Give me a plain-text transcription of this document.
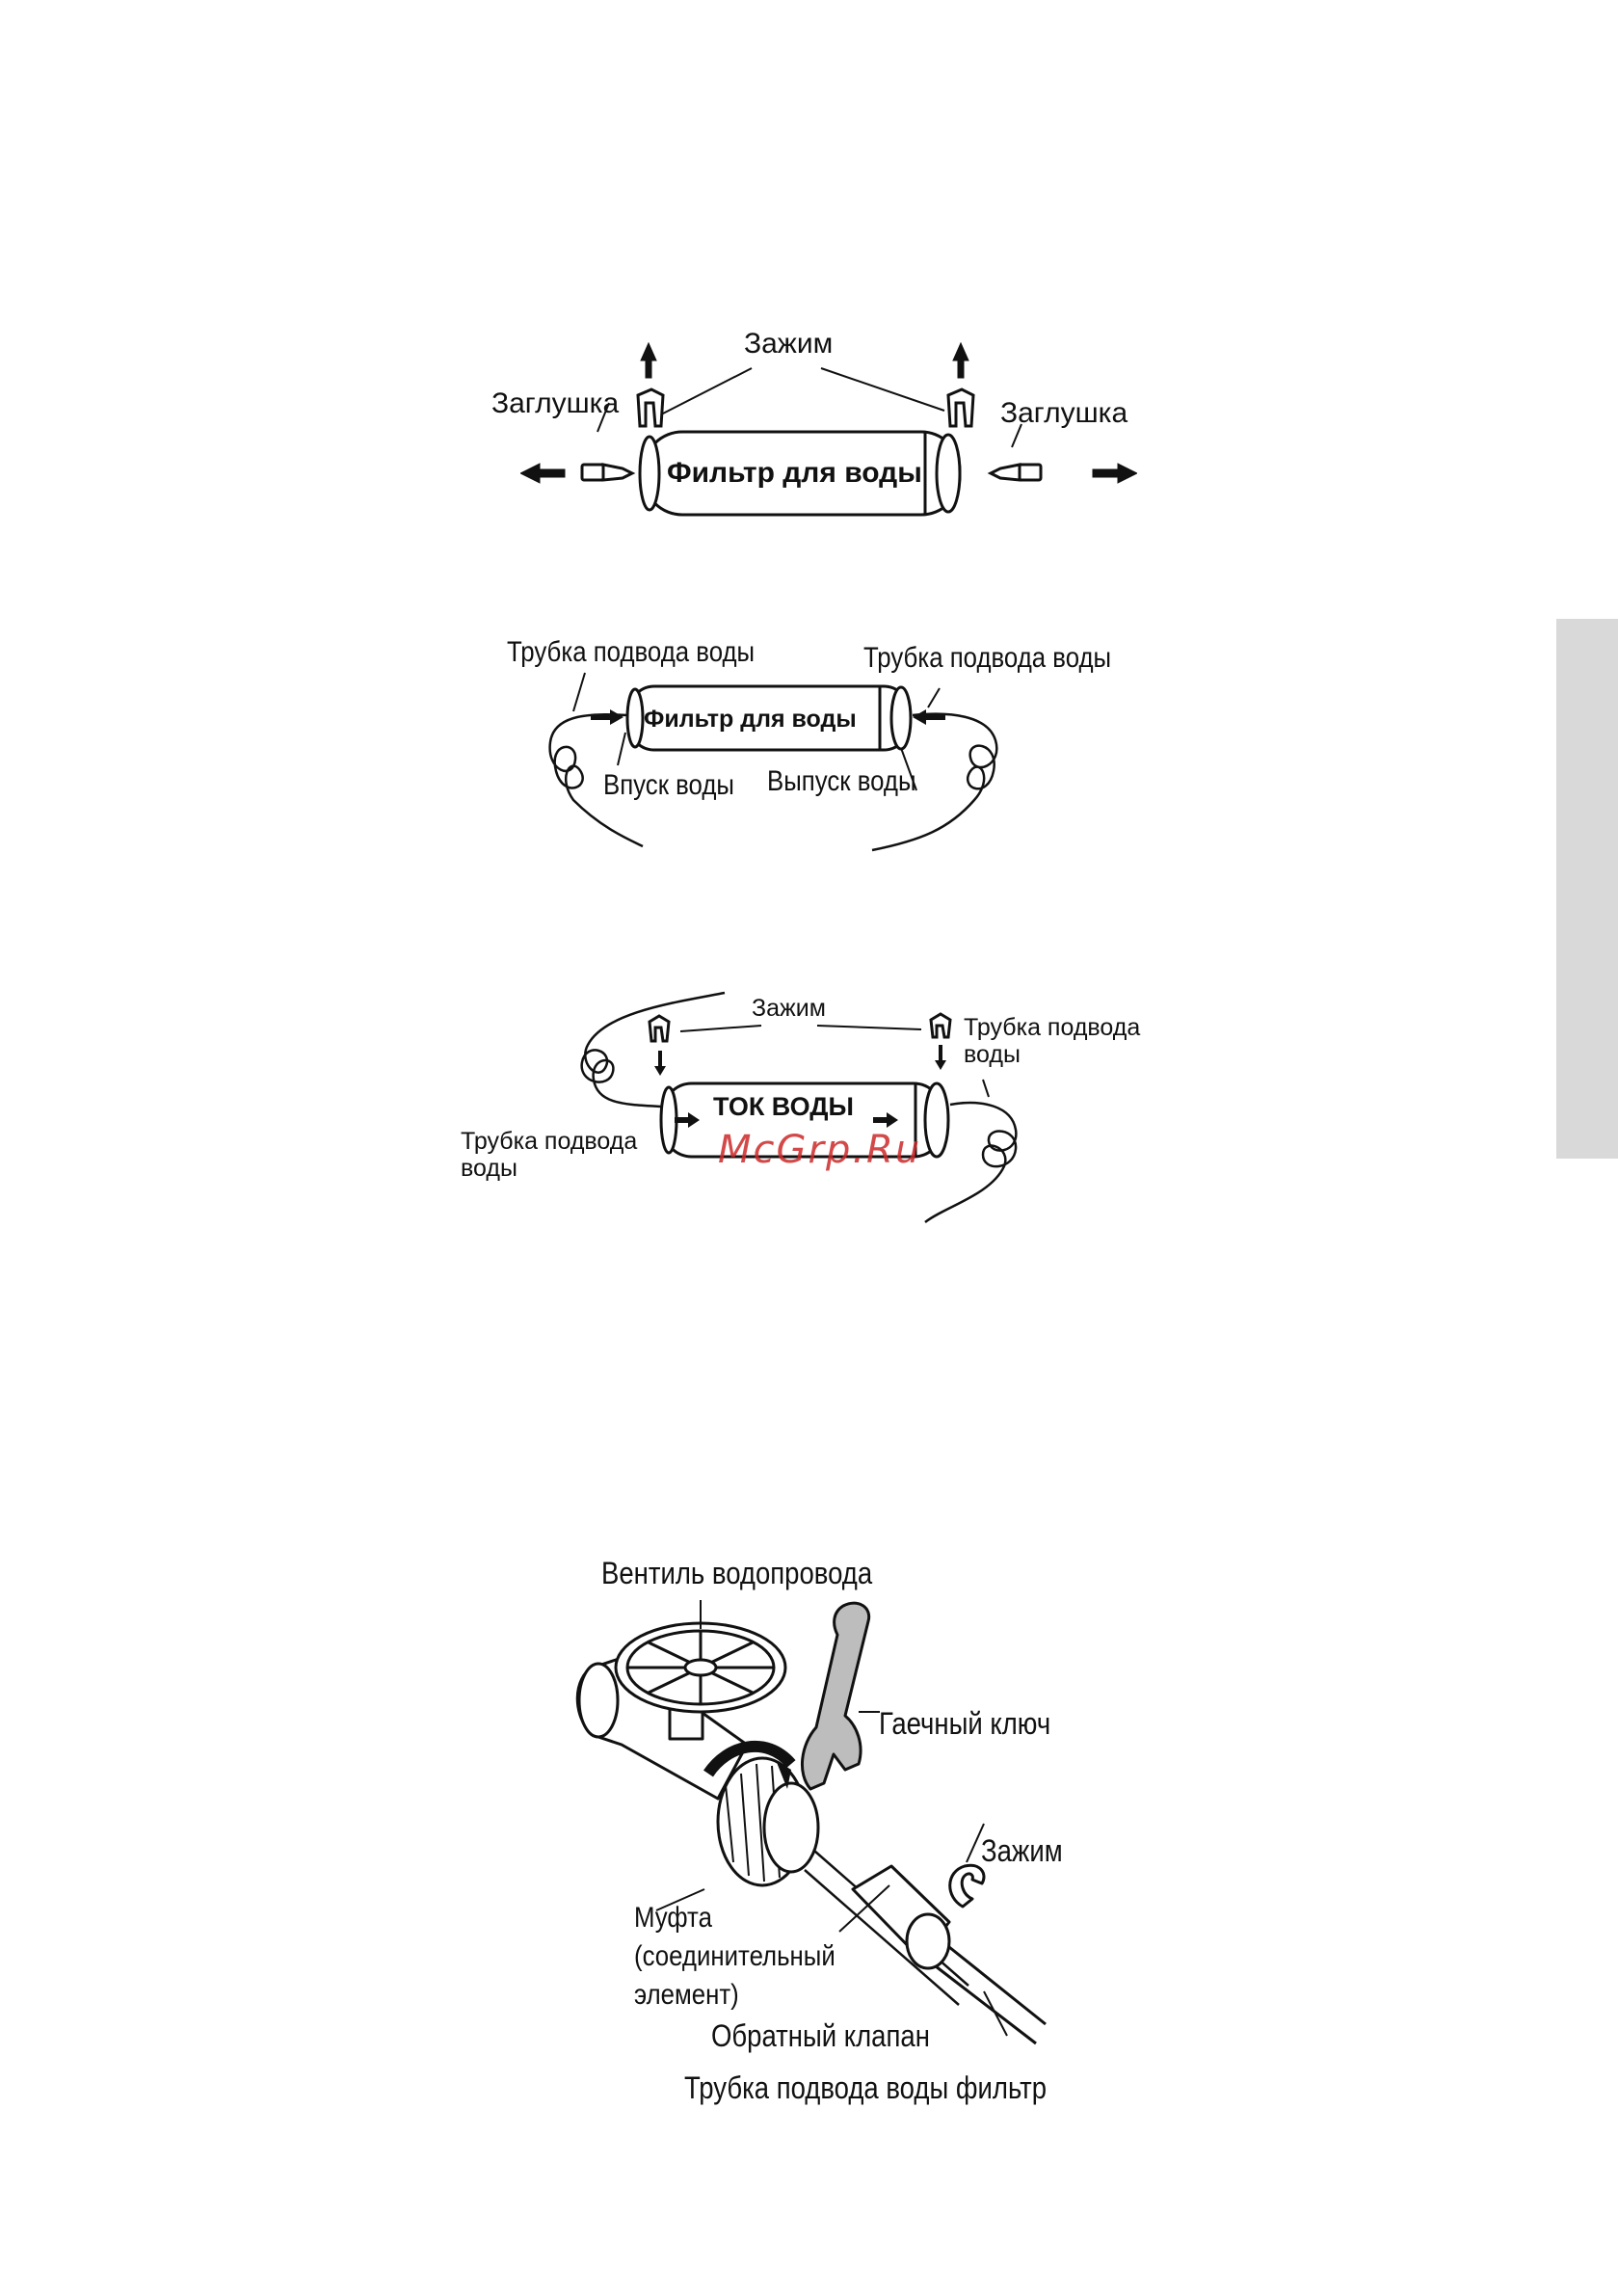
Зажим
Заглушка	Заглушка
Фильтр для воды
Трубка подвода воды	Трубка подвода воды
Фильтр для воды
Впуск воды Выпуск воды
Зажим
Трубка подвода воды
ТОК ВОДЫ
Трубка подвода воды	McGrp.Ru
Вентиль водопровода
Гаечный ключ
Зажим
Муфта (соединительный элемент)
Обратный клапан
Трубка подвода воды фильтр
